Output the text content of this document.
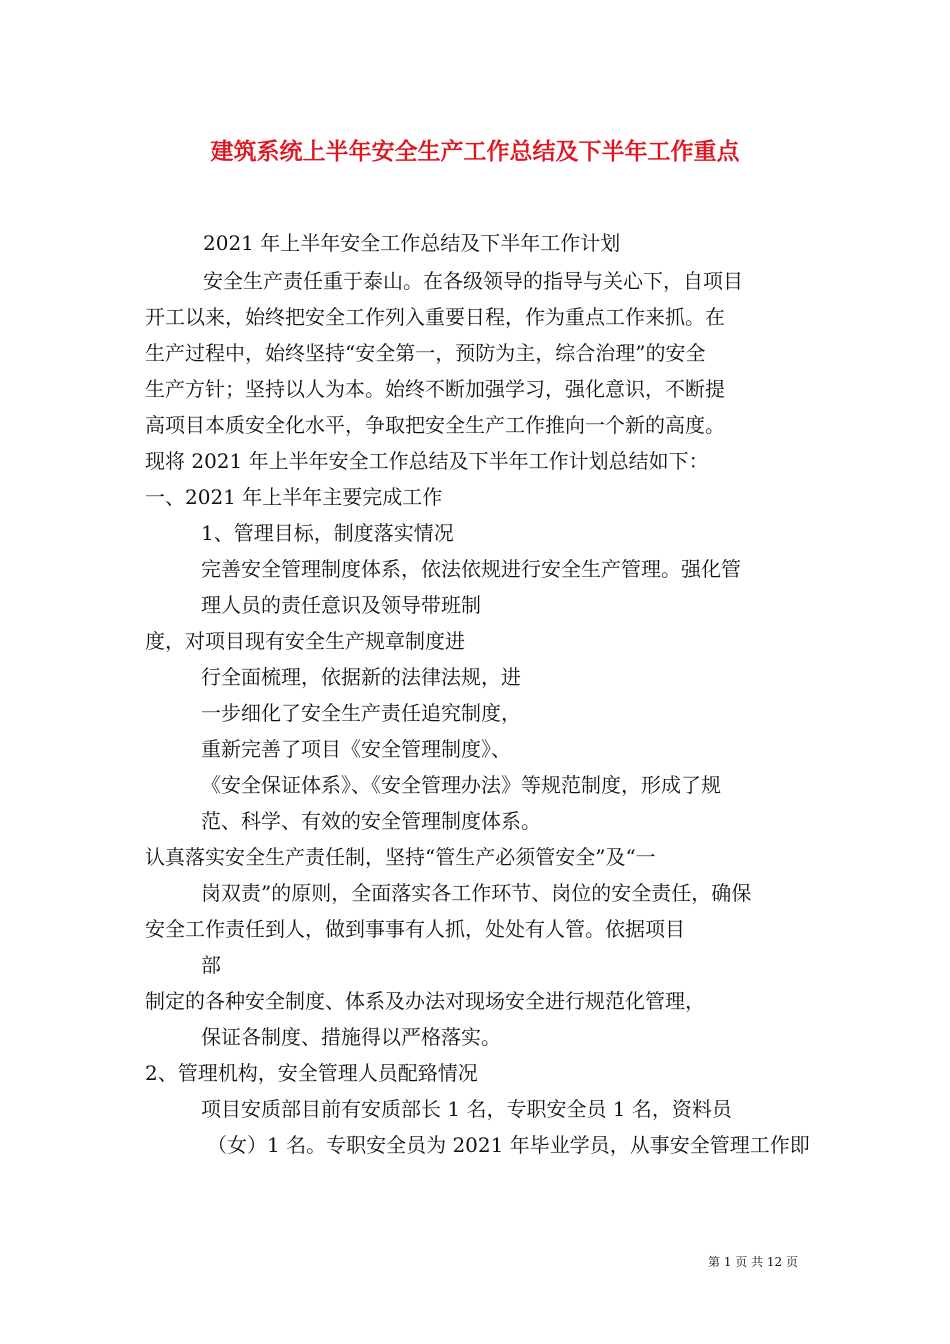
建筑系统上半年安全生产工作总结及下半年工作重点
2021 年上半年安全工作总结及下半年工作计划
安全生产责任重于泰山。在各级领导的指导与关心下，自项目
开工以来，始终把安全工作列入重要日程，作为重点工作来抓。在
生产过程中，始终坚持“安全第一，预防为主，综合治理”的安全
生产方针；坚持以人为本。始终不断加强学习，强化意识，不断提
高项目本质安全化水平，争取把安全生产工作推向一个新的高度。
现将 2021 年上半年安全工作总结及下半年工作计划总结如下：
一、2021 年上半年主要完成工作
1、管理目标，制度落实情况
完善安全管理制度体系，依法依规进行安全生产管理。强化管
理人员的责任意识及领导带班制
度，对项目现有安全生产规章制度进
行全面梳理，依据新的法律法规，进
一步细化了安全生产责任追究制度，
重新完善了项目《安全管理制度》、
《安全保证体系》、《安全管理办法》等规范制度，形成了规
范、科学、有效的安全管理制度体系。
认真落实安全生产责任制，坚持“管生产必须管安全”及“一
岗双责”的原则，全面落实各工作环节、岗位的安全责任，确保
安全工作责任到人，做到事事有人抓，处处有人管。依据项目
部
制定的各种安全制度、体系及办法对现场安全进行规范化管理，
保证各制度、措施得以严格落实。
2、管理机构，安全管理人员配臵情况
项目安质部目前有安质部长 1 名，专职安全员 1 名，资料员
（女）1 名。专职安全员为 2021 年毕业学员，从事安全管理工作即
第 1 页 共 12 页
